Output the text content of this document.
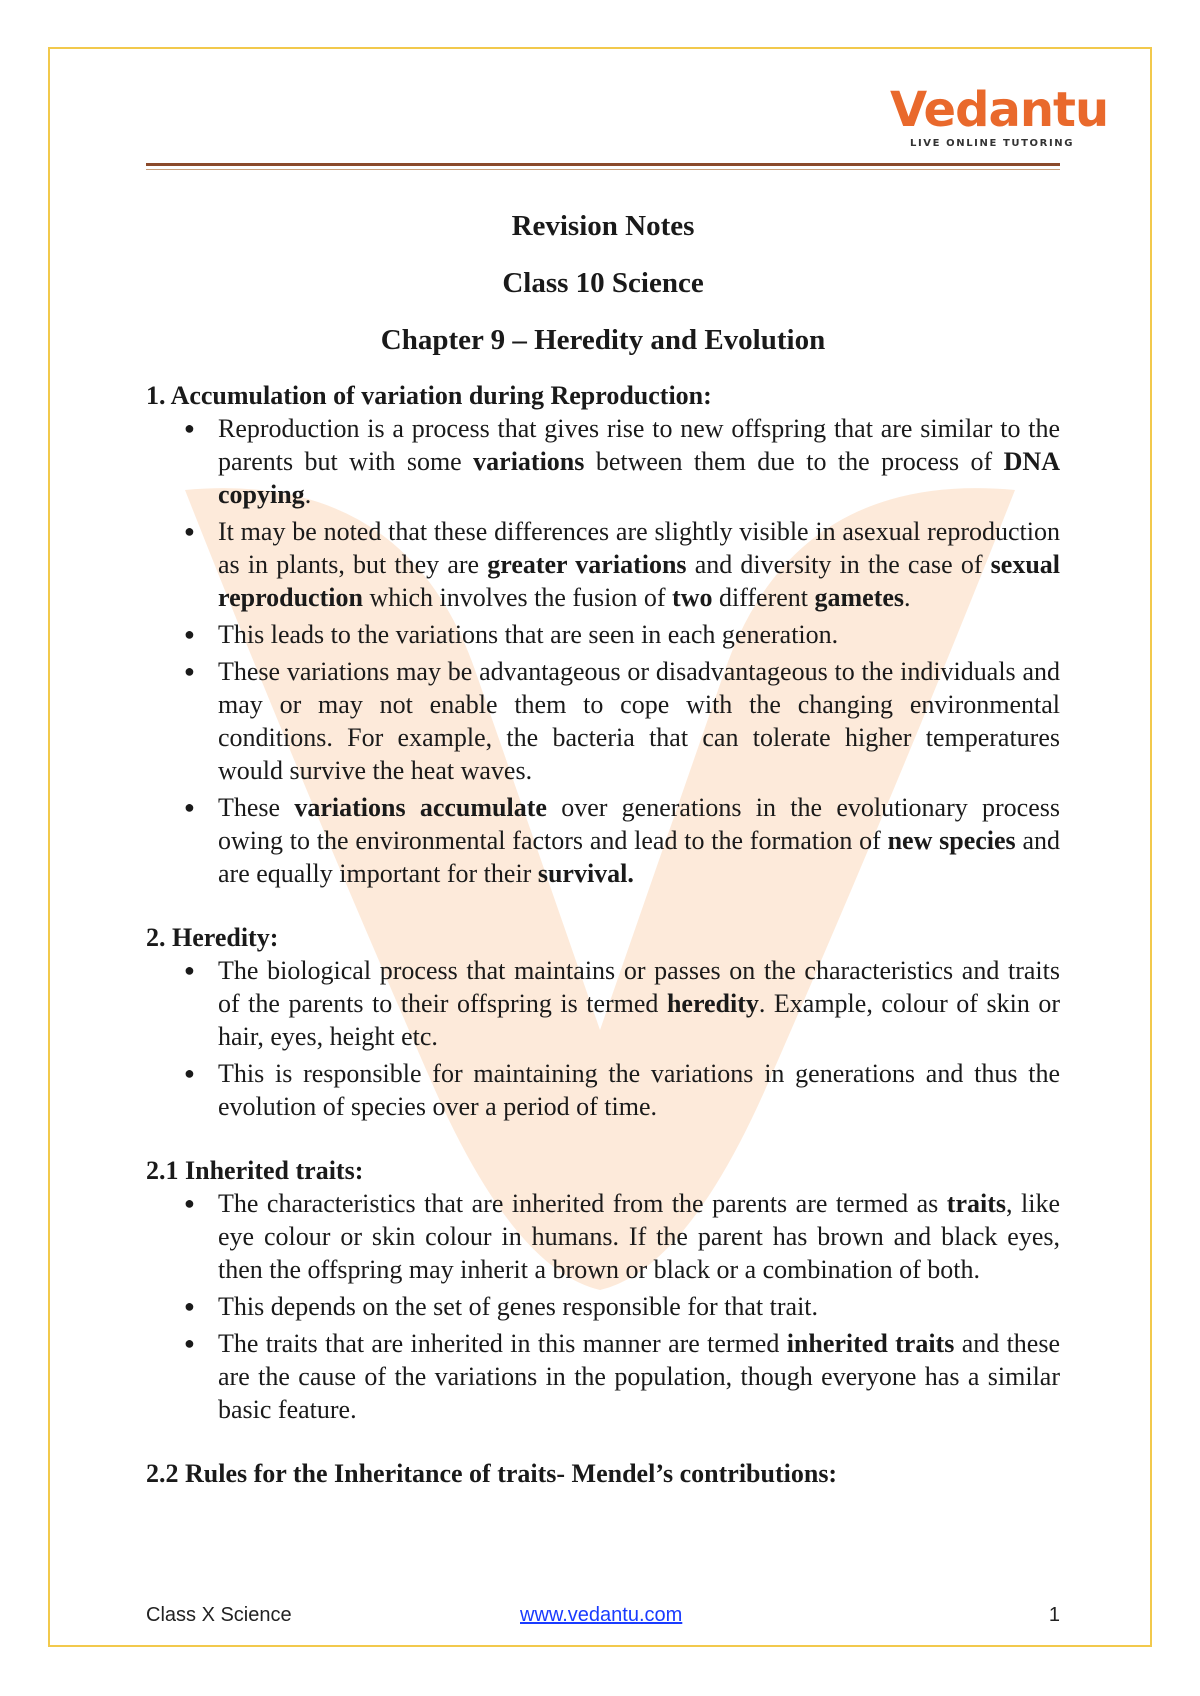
Vedantu
LIVE ONLINE TUTORING
Revision Notes
Class 10 Science
Chapter 9 – Heredity and Evolution
1. Accumulation of variation during Reproduction:
● Reproduction is a process that gives rise to new offspring that are similar to the parents but with some variations between them due to the process of DNA copying.
● It may be noted that these differences are slightly visible in asexual reproduction as in plants, but they are greater variations and diversity in the case of sexual reproduction which involves the fusion of two different gametes.
● This leads to the variations that are seen in each generation.
● These variations may be advantageous or disadvantageous to the individuals and may or may not enable them to cope with the changing environmental conditions. For example, the bacteria that can tolerate higher temperatures would survive the heat waves.
● These variations accumulate over generations in the evolutionary process owing to the environmental factors and lead to the formation of new species and are equally important for their survival.
2. Heredity:
● The biological process that maintains or passes on the characteristics and traits of the parents to their offspring is termed heredity. Example, colour of skin or hair, eyes, height etc.
● This is responsible for maintaining the variations in generations and thus the evolution of species over a period of time.
2.1 Inherited traits:
● The characteristics that are inherited from the parents are termed as traits, like eye colour or skin colour in humans. If the parent has brown and black eyes, then the offspring may inherit a brown or black or a combination of both.
● This depends on the set of genes responsible for that trait.
● The traits that are inherited in this manner are termed inherited traits and these are the cause of the variations in the population, though everyone has a similar basic feature.
2.2 Rules for the Inheritance of traits- Mendel’s contributions:
Class X Science	www.vedantu.com	1
